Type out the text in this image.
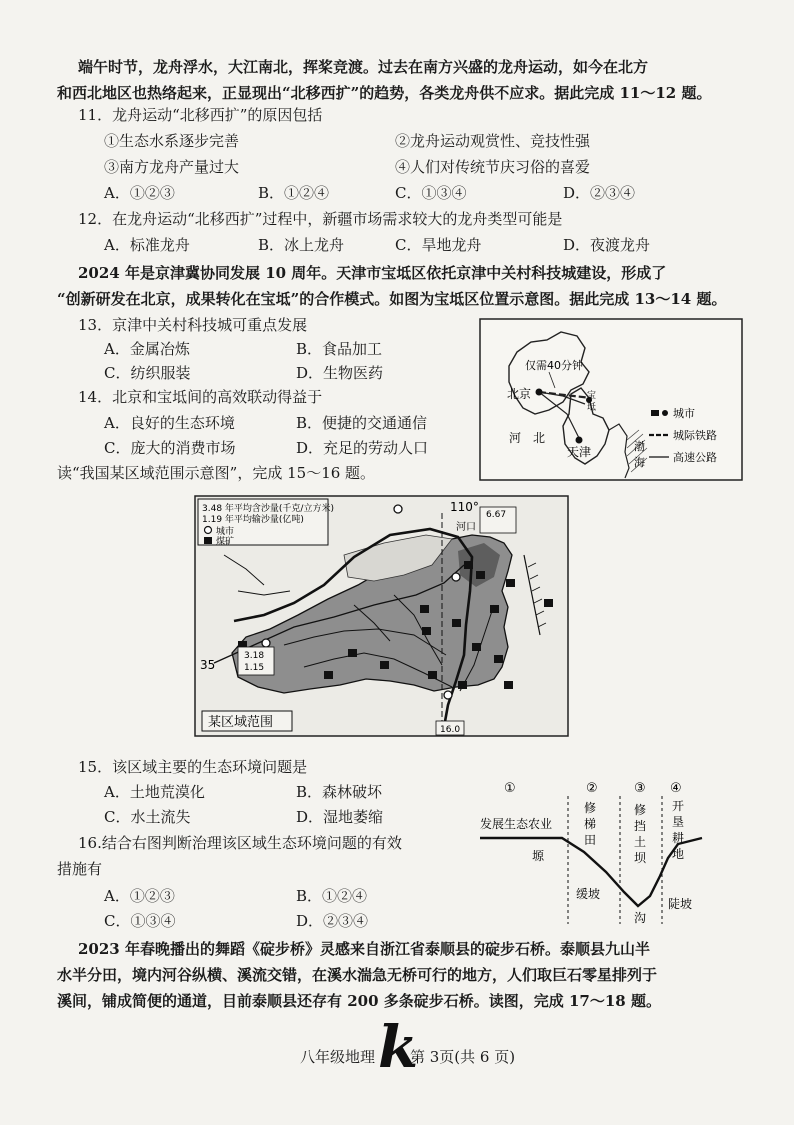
端午时节，龙舟浮水，大江南北，挥桨竞渡。过去在南方兴盛的龙舟运动，如今在北方
和西北地区也热络起来，正显现出“北移西扩”的趋势，各类龙舟供不应求。据此完成 11～12 题。
11．龙舟运动“北移西扩”的原因包括
①生态水系逐步完善	②龙舟运动观赏性、竞技性强
③南方龙舟产量过大	④人们对传统节庆习俗的喜爱
A．①②③	B．①②④	C．①③④	D．②③④
12．在龙舟运动“北移西扩”过程中，新疆市场需求较大的龙舟类型可能是
A．标准龙舟	B．冰上龙舟	C．旱地龙舟	D．夜渡龙舟
2024 年是京津冀协同发展 10 周年。天津市宝坻区依托京津中关村科技城建设，形成了
“创新研发在北京，成果转化在宝坻”的合作模式。如图为宝坻区位置示意图。据此完成 13～14 题。
13．京津中关村科技城可重点发展
A．金属冶炼	B．食品加工
C．纺织服装	D．生物医药
14．北京和宝坻间的高效联动得益于
A．良好的生态环境	B．便捷的交通通信
C．庞大的消费市场	D．充足的劳动人口
仅需40分钟
北京	宝
坻
天津
河　北
渤
海
城市
城际铁路
高速公路
读“我国某区域范围示意图”，完成 15～16 题。
110°
35
3.48 年平均含沙量(千克/立方米)
1.19 年平均输沙量(亿吨)
城市
煤矿
6.67
河口
3.18
1.15
16.0
某区域范围
15．该区域主要的生态环境问题是
A．土地荒漠化	B．森林破坏
C．水土流失	D．湿地萎缩
16.结合右图判断治理该区域生态环境问题的有效
措施有
A．①②③	B．①②④
C．①③④	D．②③④
①	②	③ ④
发展生态农业
修
梯
田
修
挡
土
坝
开
垦
耕
地
塬
缓坡
陡坡
沟
2023 年春晚播出的舞蹈《碇步桥》灵感来自浙江省泰顺县的碇步石桥。泰顺县九山半
水半分田，境内河谷纵横、溪流交错，在溪水湍急无桥可行的地方，人们取巨石零星排列于
溪间，铺成简便的通道，目前泰顺县还存有 200 多条碇步石桥。读图，完成 17～18 题。
八年级地理 k
第 3页(共 6 页)
